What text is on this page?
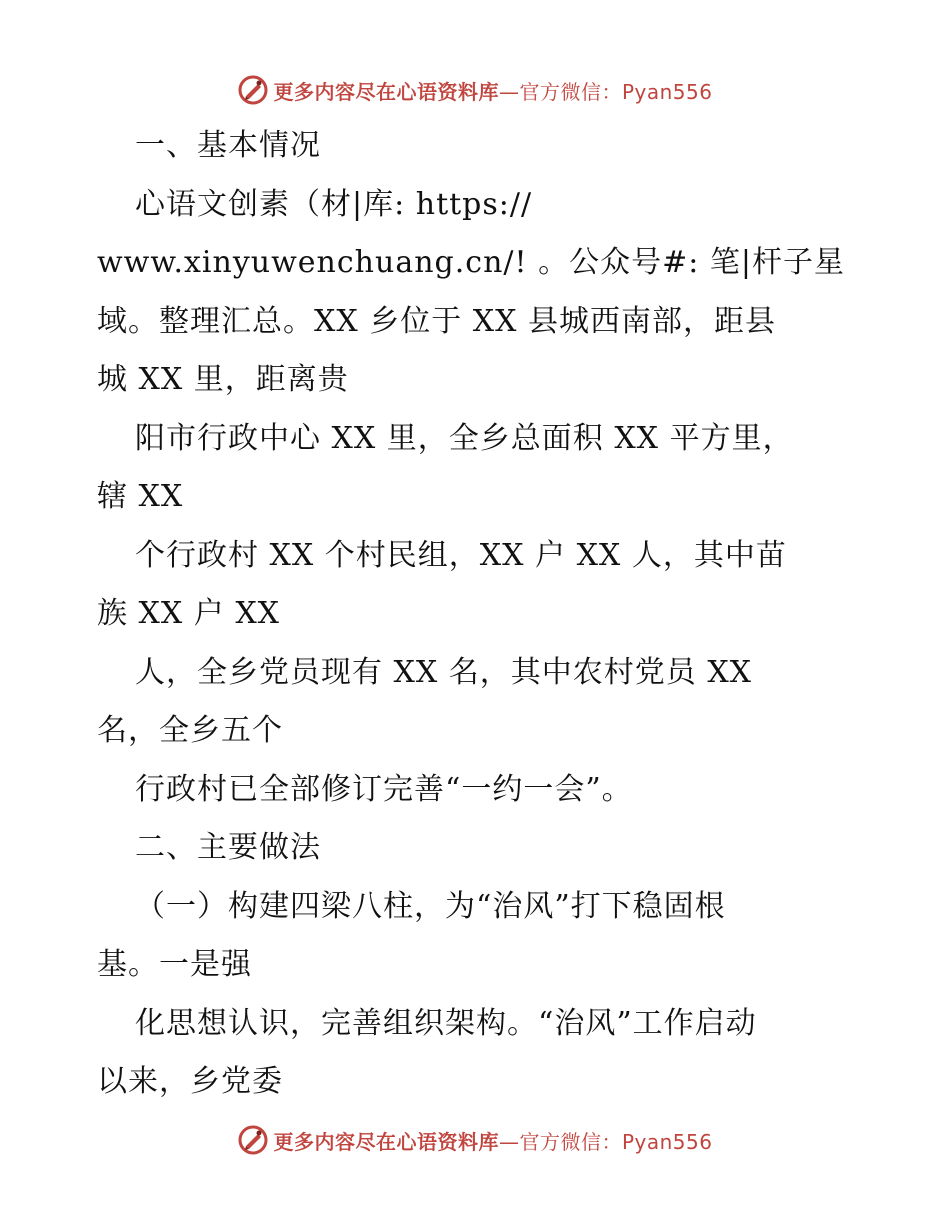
更多内容尽在心语资料库—官方微信：Pyan556
一、基本情况
心语文创素（材|库: https://
www.xinyuwenchuang.cn/! 。公众号#: 笔|杆子星
域。整理汇总。XX 乡位于 XX 县城西南部，距县
城 XX 里，距离贵
阳市行政中心 XX 里，全乡总面积 XX 平方里，
辖 XX
个行政村 XX 个村民组，XX 户 XX 人，其中苗
族 XX 户 XX
人，全乡党员现有 XX 名，其中农村党员 XX
名，全乡五个
行政村已全部修订完善“一约一会”。
二、主要做法
（一）构建四梁八柱，为“治风”打下稳固根
基。一是强
化思想认识，完善组织架构。“治风”工作启动
以来，乡党委
更多内容尽在心语资料库—官方微信：Pyan556
